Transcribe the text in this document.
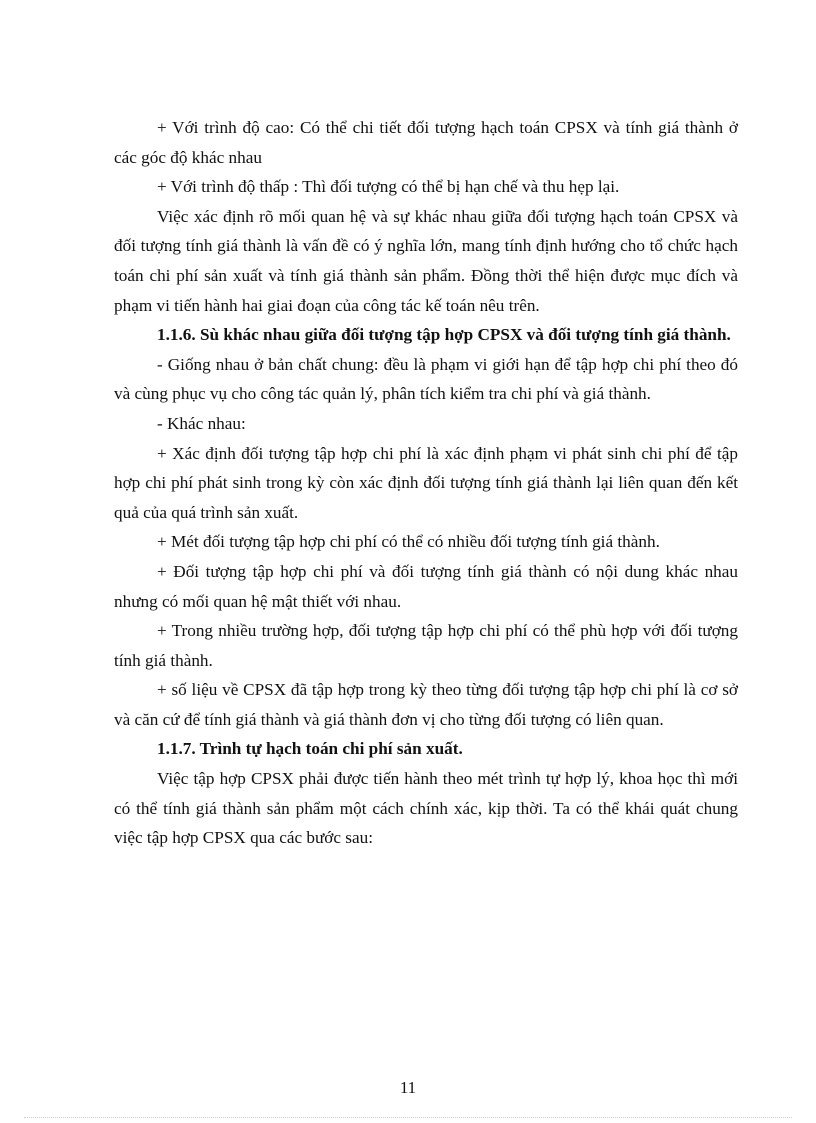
+ Với trình độ cao: Có thể chi tiết đối tượng hạch toán CPSX và tính giá thành ở các góc độ khác nhau

+ Với trình độ thấp : Thì đối tượng có thể bị hạn chế và thu hẹp lại.

Việc xác định rõ mối quan hệ và sự khác nhau giữa đối tượng hạch toán CPSX và đối tượng tính giá thành là vấn đề có ý nghĩa lớn, mang tính định hướng cho tổ chức hạch toán chi phí sản xuất và tính giá thành sản phẩm. Đồng thời thể hiện được mục đích và phạm vi tiến hành hai giai đoạn của công tác kế toán nêu trên.

1.1.6. Sù khác nhau giữa đối tượng tập hợp CPSX và đối tượng tính giá thành.

- Giống nhau ở bản chất chung: đều là phạm vi giới hạn để tập hợp chi phí theo đó và cùng phục vụ cho công tác quản lý, phân tích kiểm tra chi phí và giá thành.

- Khác nhau:

+ Xác định đối tượng tập hợp chi phí là xác định phạm vi phát sinh chi phí để tập hợp chi phí phát sinh trong kỳ còn xác định đối tượng tính giá thành lại liên quan đến kết quả của quá trình sản xuất.

+ Mét đối tượng tập hợp chi phí có thể có nhiều đối tượng tính giá thành.

+ Đối tượng tập hợp chi phí và đối tượng tính giá thành có nội dung khác nhau nhưng có mối quan hệ mật thiết với nhau.

+ Trong nhiều trường hợp, đối tượng tập hợp chi phí có thể phù hợp với đối tượng tính giá thành.

+ số liệu về CPSX đã tập hợp trong kỳ theo từng đối tượng tập hợp chi phí là cơ sở và căn cứ để tính giá thành và giá thành đơn vị cho từng đối tượng có liên quan.

1.1.7. Trình tự hạch toán chi phí sản xuất.

Việc tập hợp CPSX phải được tiến hành theo mét trình tự hợp lý, khoa học thì mới có thể tính giá thành sản phẩm một cách chính xác, kịp thời. Ta có thể khái quát chung việc tập hợp CPSX qua các bước sau:

11
